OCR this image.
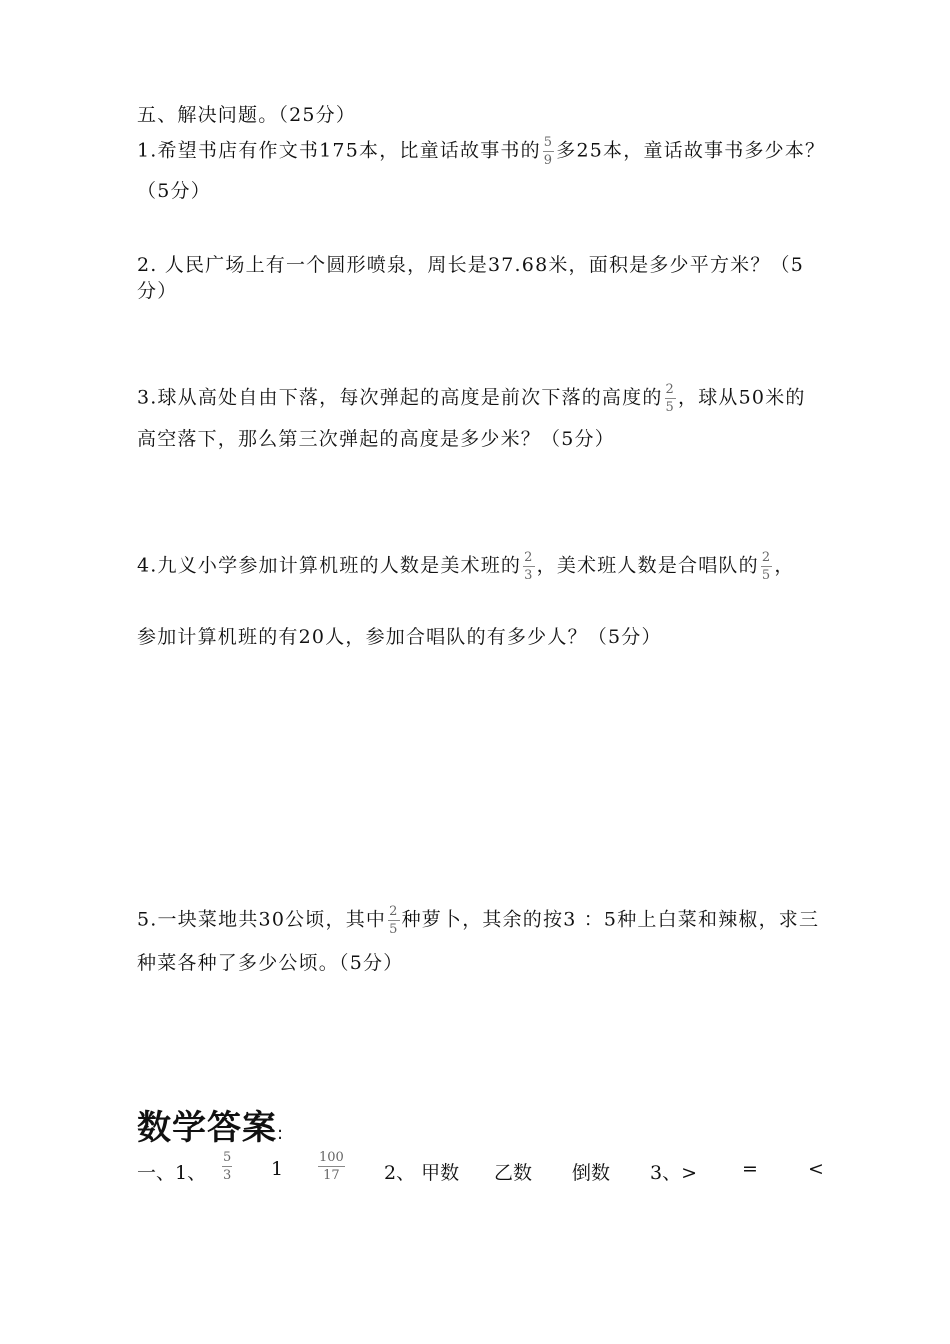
五、解决问题。（25分）
1.希望书店有作文书175本，比童话故事书的 $\frac{5}{9}$ 多25本，童话故事书多少本？
（5分）
2. 人民广场上有一个圆形喷泉，周长是37.68米，面积是多少平方米？（5
分）
3.球从高处自由下落，每次弹起的高度是前次下落的高度的 $\frac{2}{5}$ ，球从50米的
高空落下，那么第三次弹起的高度是多少米？（5分）
4.九义小学参加计算机班的人数是美术班的 $\frac{2}{3}$ ，美术班人数是合唱队的 $\frac{2}{5}$ ，
参加计算机班的有20人，参加合唱队的有多少人？（5分）
5.一块菜地共30公顷，其中 $\frac{2}{5}$ 种萝卜，其余的按3 ：5种上白菜和辣椒，求三
种菜各种了多少公顷。（5分）
数学答案:
一、1、 $\frac{5}{3} 1$	$\frac{100}{17} 2$、 甲数 乙数 倒数 3、> =	<
